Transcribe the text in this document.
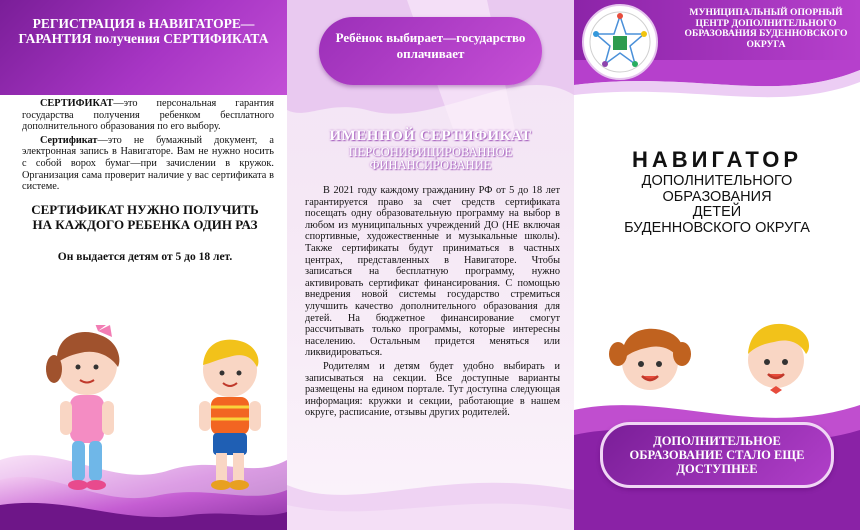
РЕГИСТРАЦИЯ в НАВИГАТОРЕ—ГАРАНТИЯ получения СЕРТИФИКАТА

СЕРТИФИКАТ—это персональная гарантия государства получения ребенком бесплатного дополнительного образования по его выбору.

Сертификат—это не бумажный документ, а электронная запись в Навигаторе. Вам не нужно носить с собой ворох бумаг—при зачислении в кружок. Организация сама проверит наличие у вас сертификата в системе.

СЕРТИФИКАТ НУЖНО ПОЛУЧИТЬ НА КАЖДОГО РЕБЕНКА ОДИН РАЗ
Он выдается детям от 5 до 18 лет.
Ребёнок выбирает—государство оплачивает
ИМЕННОЙ СЕРТИФИКАТ
ПЕРСОНИФИЦИРОВАННОЕ ФИНАНСИРОВАНИЕ

В 2021 году каждому гражданину РФ от 5 до 18 лет гарантируется право за счет средств сертификата посещать одну образовательную программу на выбор в любом из муниципальных учреждений ДО (НЕ включая спортивные, художественные и музыкальные школы). Также сертификаты будут приниматься в частных центрах, представленных в Навигаторе. Чтобы записаться на бесплатную программу, нужно активировать сертификат финансирования. С помощью внедрения новой системы государство стремиться улучшить качество дополнительного образования для детей. На бюджетное финансирование смогут рассчитывать только программы, которые интересны населению. Остальным придется меняться или ликвидироваться.

Родителям и детям будет удобно выбирать и записываться на секции. Все доступные варианты размещены на едином портале. Тут доступна следующая информация: кружки и секции, работающие в нашем округе, расписание, отзывы других родителей.

МУНИЦИПАЛЬНЫЙ ОПОРНЫЙ ЦЕНТР ДОПОЛНИТЕЛЬНОГО ОБРАЗОВАНИЯ БУДЕННОВСКОГО ОКРУГА
НАВИГАТОР
ДОПОЛНИТЕЛЬНОГО
ОБРАЗОВАНИЯ
ДЕТЕЙ
БУДЕННОВСКОГО ОКРУГА
ДОПОЛНИТЕЛЬНОЕ ОБРАЗОВАНИЕ СТАЛО ЕЩЕ ДОСТУПНЕЕ
